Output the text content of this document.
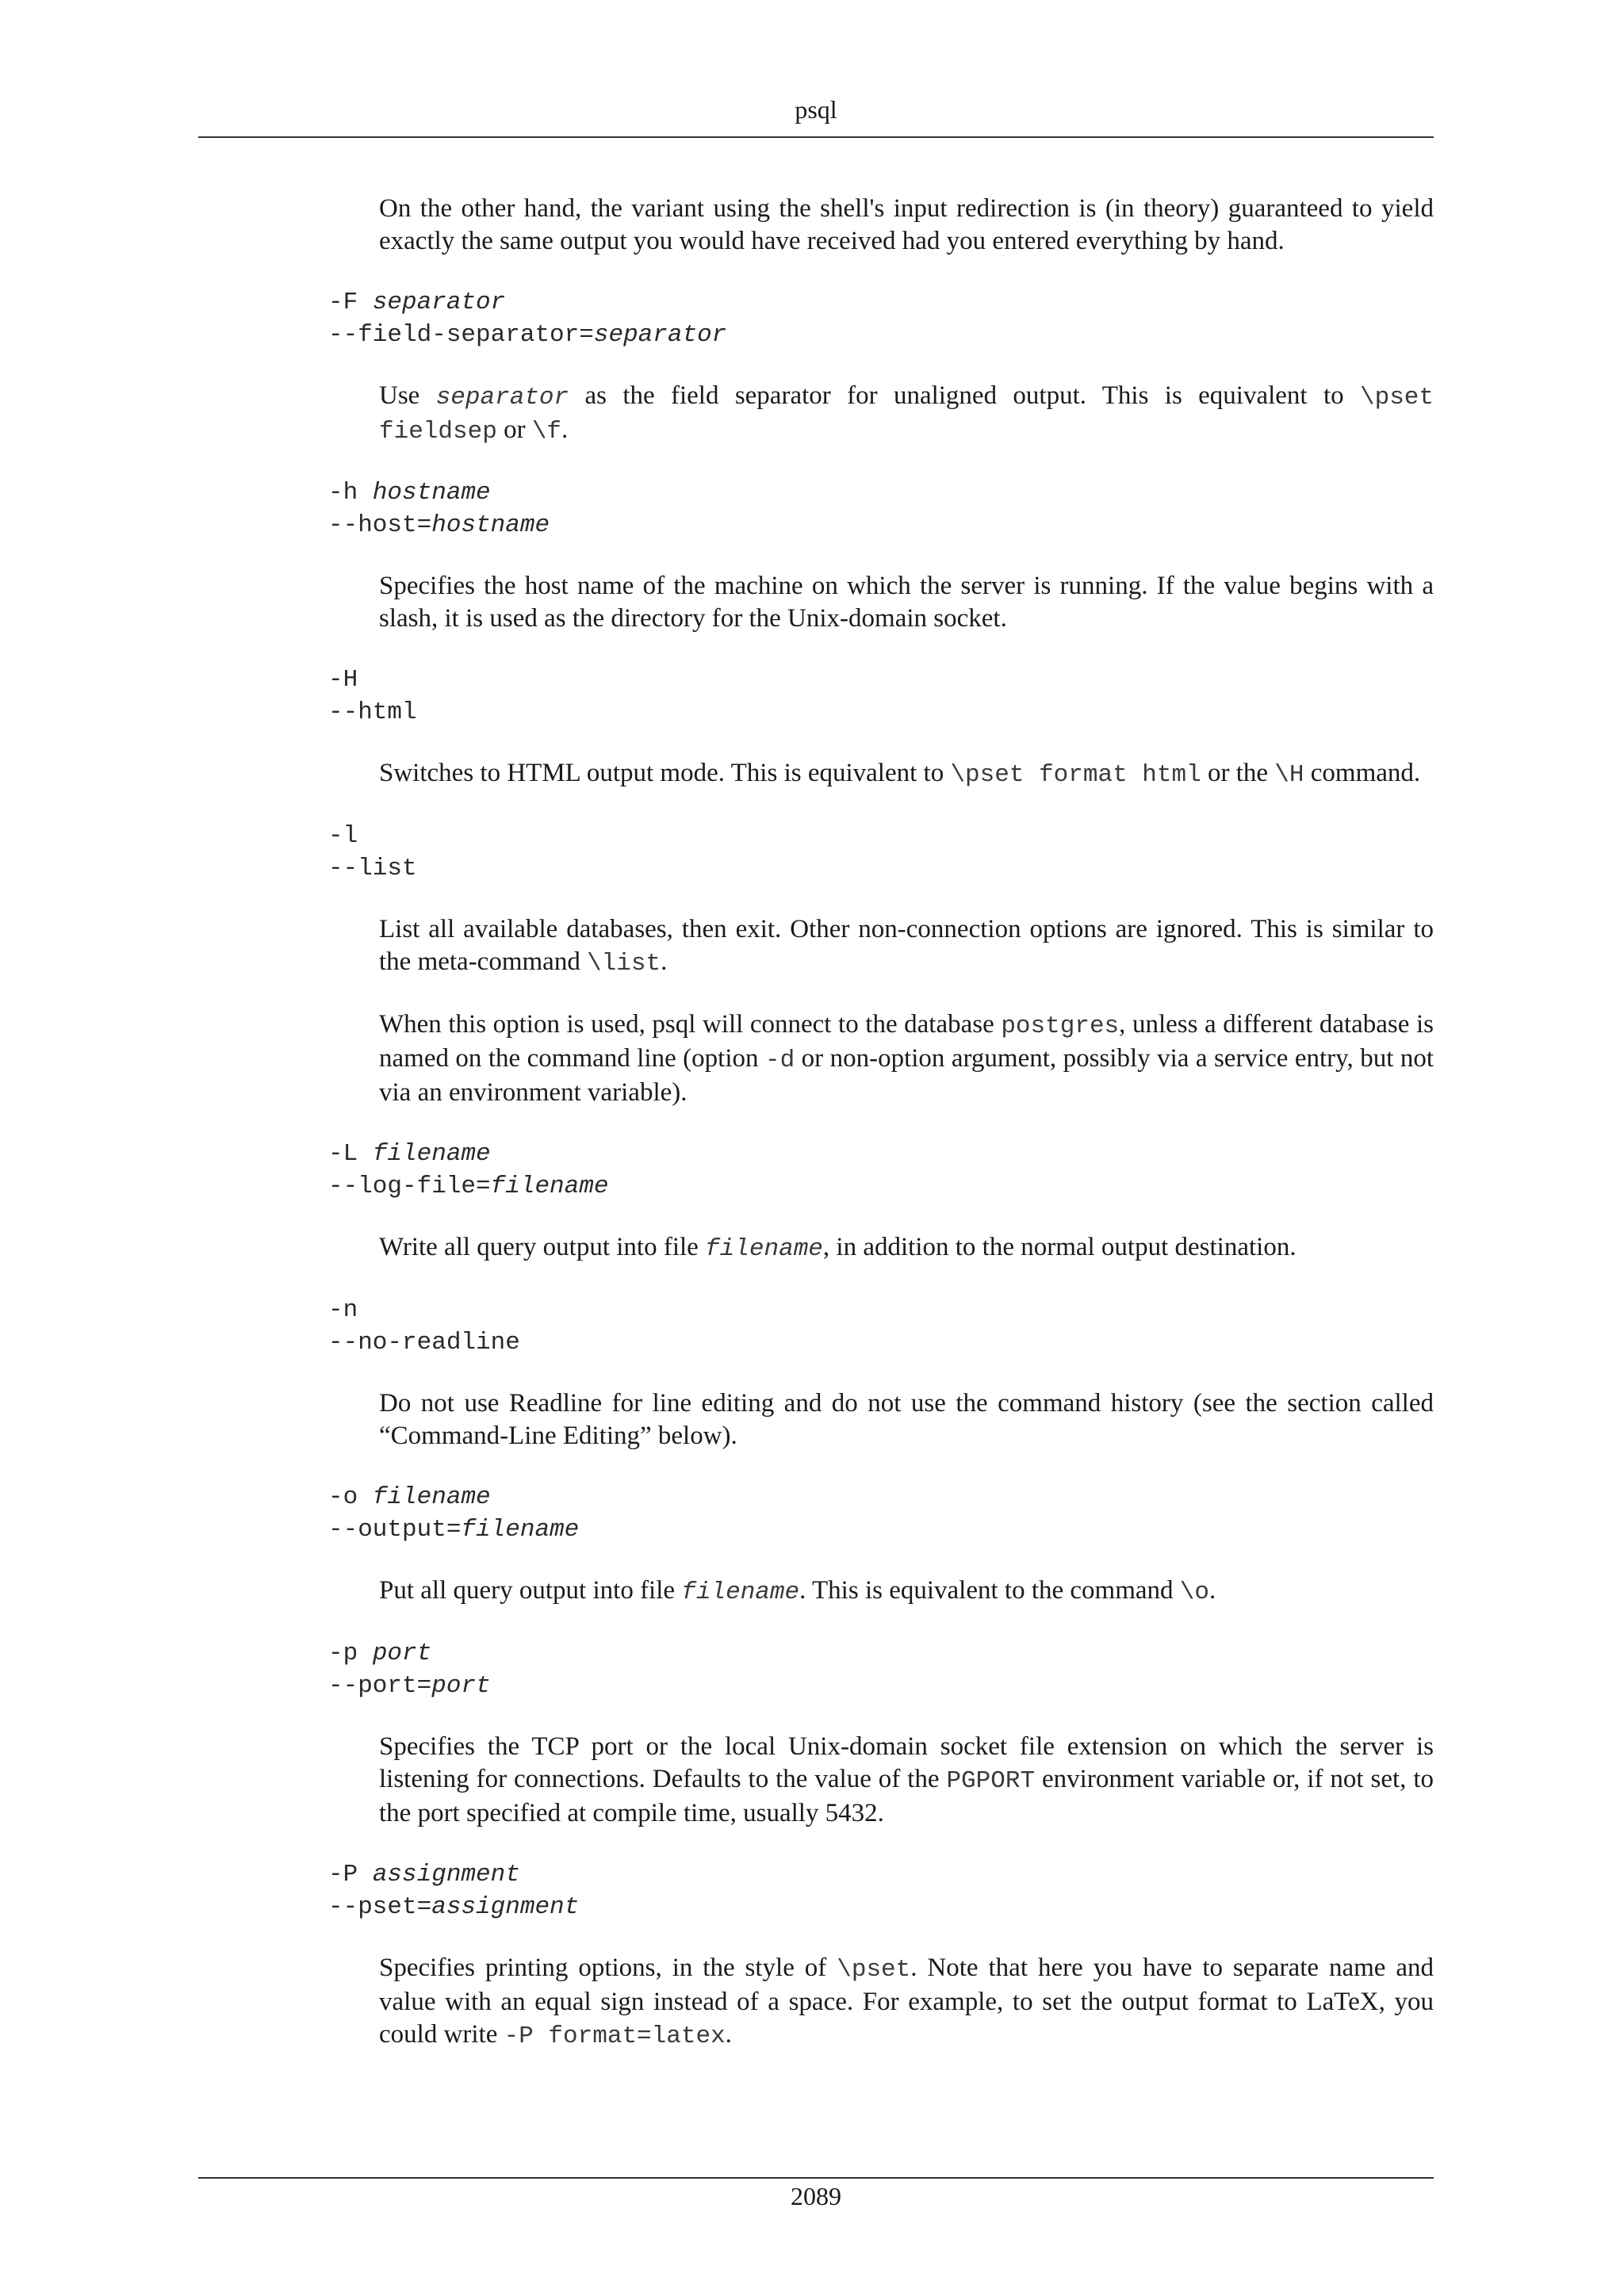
psql

On the other hand, the variant using the shell's input redirection is (in theory) guaranteed to yield exactly the same output you would have received had you entered everything by hand.

-F separator
--field-separator=separator

Use separator as the field separator for unaligned output. This is equivalent to \pset fieldsep or \f.

-h hostname
--host=hostname

Specifies the host name of the machine on which the server is running. If the value begins with a slash, it is used as the directory for the Unix-domain socket.

-H
--html

Switches to HTML output mode. This is equivalent to \pset format html or the \H command.

-l
--list

List all available databases, then exit. Other non-connection options are ignored. This is similar to the meta-command \list.

When this option is used, psql will connect to the database postgres, unless a different database is named on the command line (option -d or non-option argument, possibly via a service entry, but not via an environment variable).

-L filename
--log-file=filename

Write all query output into file filename, in addition to the normal output destination.

-n
--no-readline

Do not use Readline for line editing and do not use the command history (see the section called “Command-Line Editing” below).

-o filename
--output=filename

Put all query output into file filename. This is equivalent to the command \o.

-p port
--port=port

Specifies the TCP port or the local Unix-domain socket file extension on which the server is listening for connections. Defaults to the value of the PGPORT environment variable or, if not set, to the port specified at compile time, usually 5432.

-P assignment
--pset=assignment

Specifies printing options, in the style of \pset. Note that here you have to separate name and value with an equal sign instead of a space. For example, to set the output format to LaTeX, you could write -P format=latex.

2089
